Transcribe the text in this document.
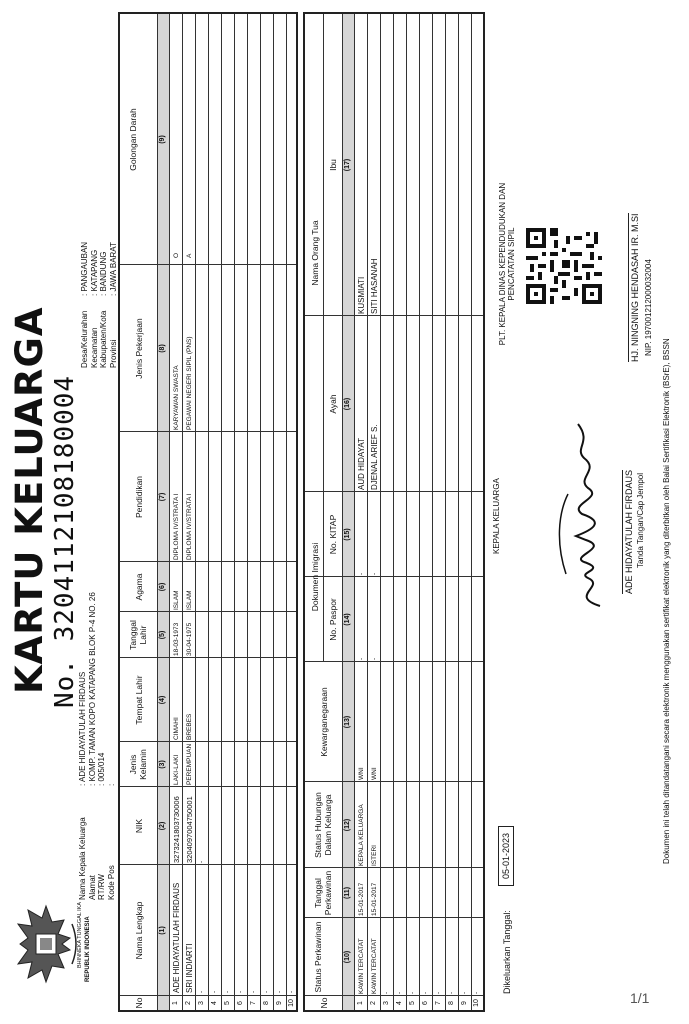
BHINNEKA TUNGGAL IKA REPUBLIK INDONESIA
KARTU KELUARGA No. 3204112108180004
Nama Kepala Keluarga Alamat RT/RW Kode Pos
: ADE HIDAYATULAH FIRDAUS : KOMP. TAMAN KOPO KATAPANG BLOK P-4 NO. 26 : 005/014 :
Desa/Kelurahan Kecamatan Kabupaten/Kota Provinsi
: PANGAUBAN : KATAPANG : BANDUNG : JAWA BARAT
No
Nama Lengkap
NIK
Jenis Kelamin
Tempat Lahir
Tanggal Lahir
Agama
Pendidikan
Jenis Pekerjaan
Golongan Darah
(1)
(2)
(3)
(4)
(5)
(6)
(7)
(8)
(9)
1
ADE HIDAYATULAH FIRDAUS
3273241803730006
LAKI-LAKI
CIMAHI
18-03-1973
ISLAM
DIPLOMA IV/STRATA I
KARYAWAN SWASTA
O
2
SRI INDIARTI
3204097004750001
PEREMPUAN
BREBES
30-04-1975
ISLAM
DIPLOMA IV/STRATA I
PEGAWAI NEGERI SIPIL (PNS)
A
3
-
-
4
-
5
-
6
-
7
-
8
-
9
-
10
-
No
Status Perkawinan
Tanggal Perkawinan
Status Hubungan Dalam Keluarga
Kewarganegaraan
Dokumen Imigrasi
No. Paspor
No. KITAP
Nama Orang Tua
Ayah
Ibu
(10)
(11)
(12)
(13)
(14)
(15)
(16)
(17)
1
KAWIN TERCATAT
15-01-2017
KEPALA KELUARGA
WNI
-
-
AUD HIDAYAT
KUSMIATI
2
KAWIN TERCATAT
15-01-2017
ISTERI
WNI
-
-
DJENAL ARIEF S.
SITI HASANAH
3
-
4
-
5
-
6
-
7
-
8
-
9
-
10
- Dikeluarkan Tanggal:
05-01-2023
KEPALA KELUARGA	ADE HIDAYATULAH FIRDAUS Tanda Tangan/Cap Jempol
PLT. KEPALA DINAS KEPENDUDUKAN DAN PENCATATAN SIPIL	HJ. NINGNING HENDASAH IR. M.SI NIP. 197001212000032004
Dokumen ini telah ditandatangani secara elektronik menggunakan sertifikat elektronik yang diterbitkan oleh Balai Sertifikasi Elektronik (BSrE), BSSN
1/1
